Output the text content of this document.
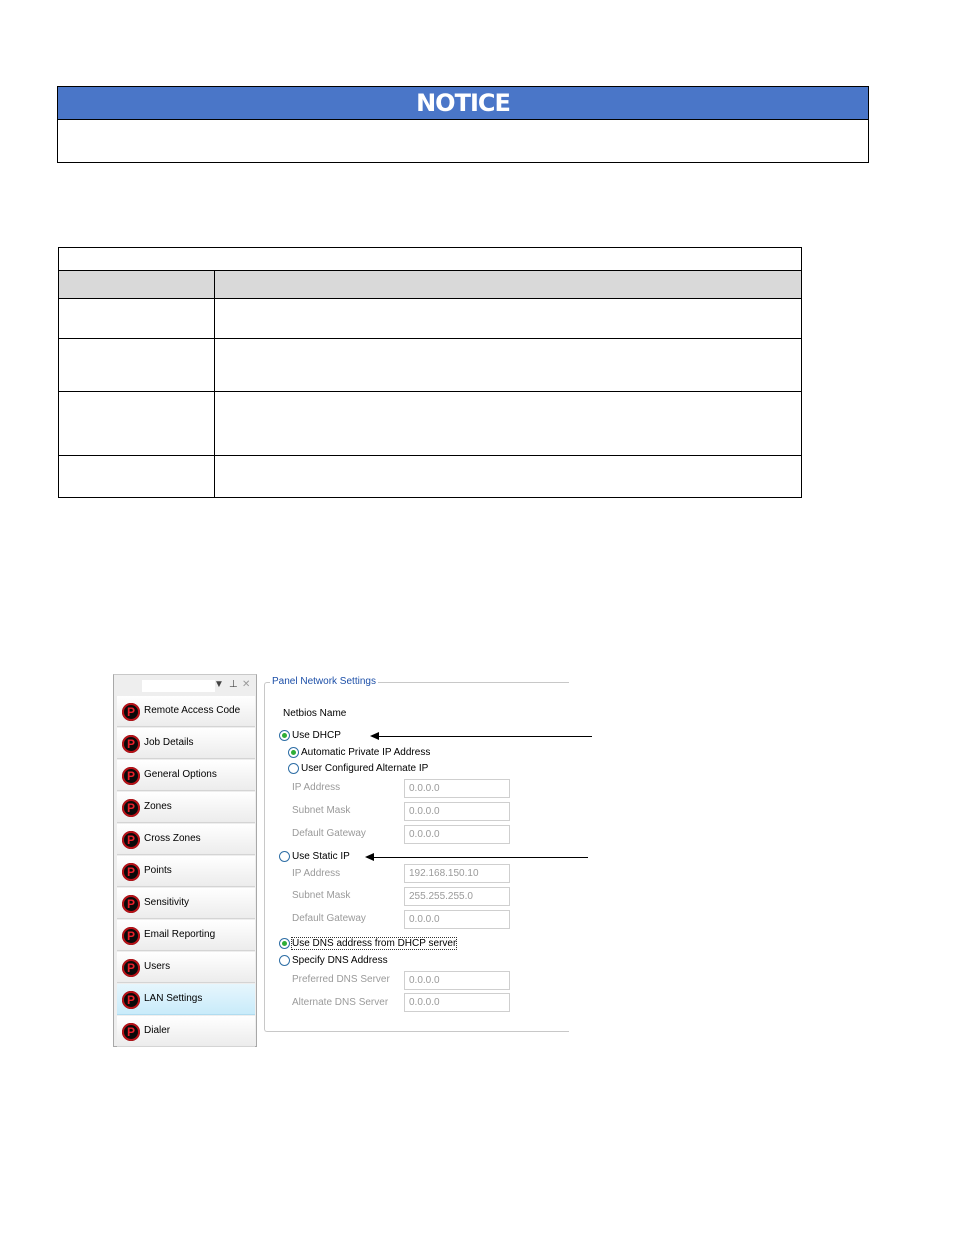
NOTICE

▼ ⊥ ✕
P Remote Access Code
P Job Details
P General Options
P Zones
P Cross Zones
P Points
P Sensitivity
P Email Reporting
P Users
P LAN Settings
P Dialer
Panel Network Settings
Netbios Name
Use DHCP
Automatic Private IP Address
User Configured Alternate IP
IP Address	0.0.0.0
Subnet Mask	0.0.0.0
Default Gateway	0.0.0.0
Use Static IP
IP Address	192.168.150.10
Subnet Mask	255.255.255.0
Default Gateway	0.0.0.0
Use DNS address from DHCP server
Specify DNS Address
Preferred DNS Server	0.0.0.0
Alternate DNS Server	0.0.0.0
